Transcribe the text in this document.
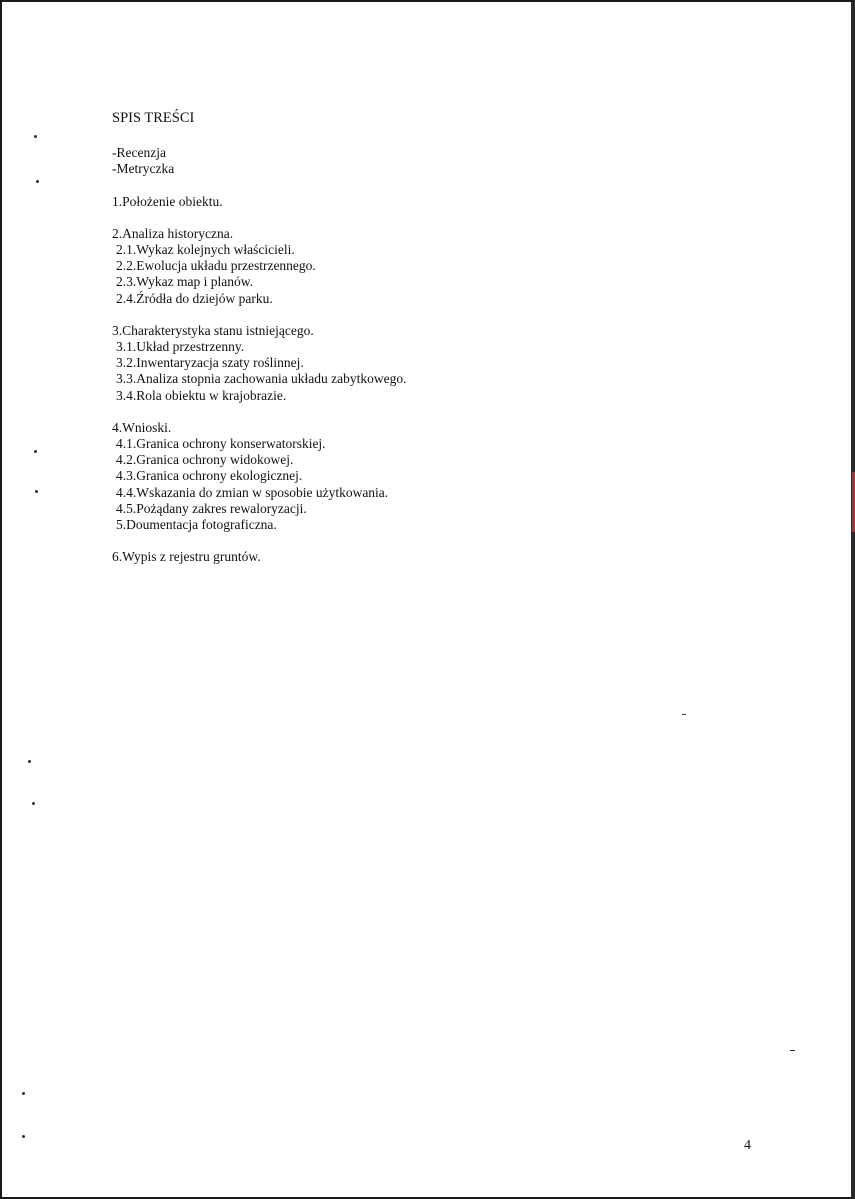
SPIS TREŚCI
-Recenzja
-Metryczka
1.Położenie obiektu.
2.Analiza historyczna.
2.1.Wykaz kolejnych właścicieli.
2.2.Ewolucja układu przestrzennego.
2.3.Wykaz map i planów.
2.4.Źródła do dziejów parku.
3.Charakterystyka stanu istniejącego.
3.1.Układ przestrzenny.
3.2.Inwentaryzacja szaty roślinnej.
3.3.Analiza stopnia zachowania układu zabytkowego.
3.4.Rola obiektu w krajobrazie.
4.Wnioski.
4.1.Granica ochrony konserwatorskiej.
4.2.Granica ochrony widokowej.
4.3.Granica ochrony ekologicznej.
4.4.Wskazania do zmian w sposobie użytkowania.
4.5.Pożądany zakres rewaloryzacji.
5.Doumentacja fotograficzna.
6.Wypis z rejestru gruntów.
4
